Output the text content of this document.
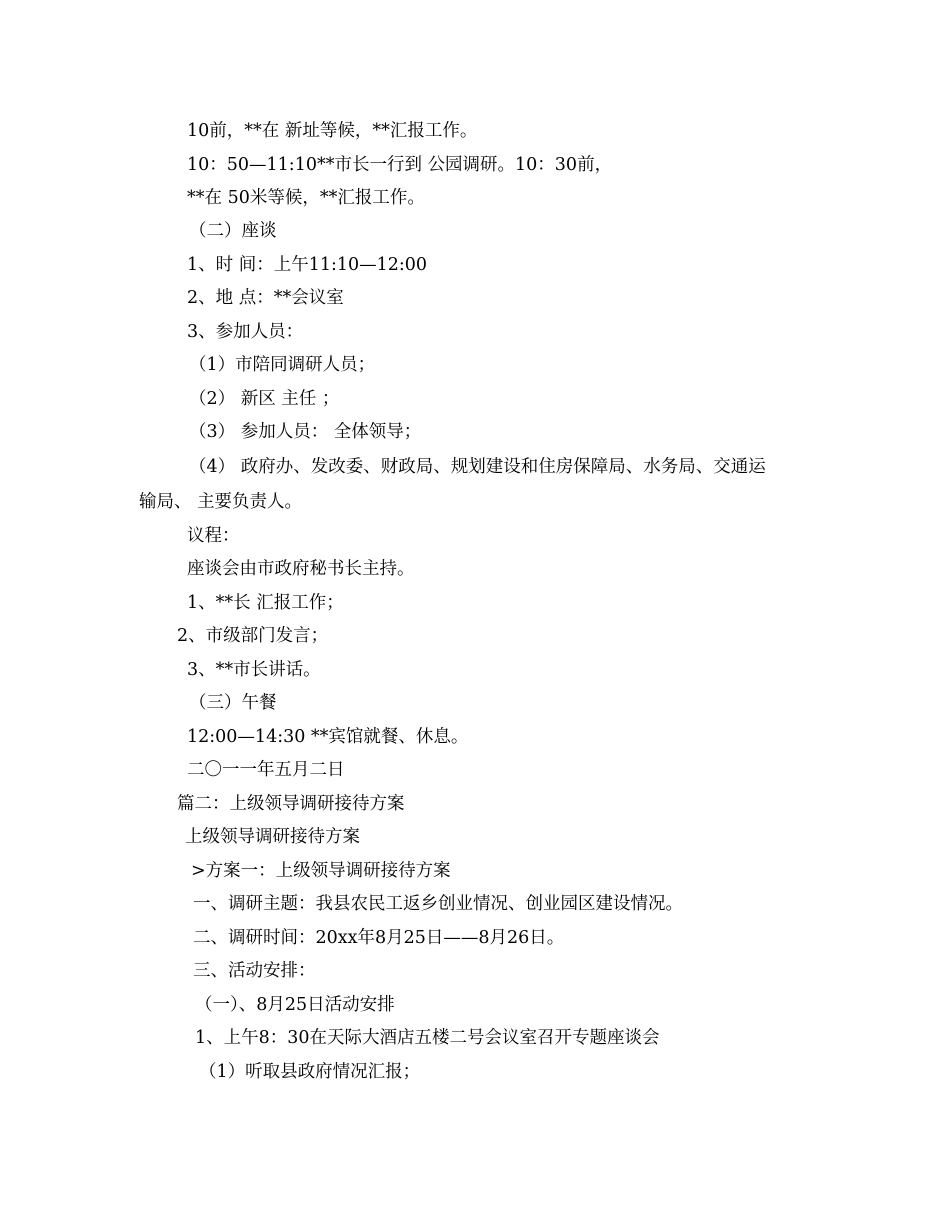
10前，**在 新址等候，**汇报工作。

10：50—11:10**市长一行到 公园调研。10：30前，

**在 50米等候，**汇报工作。

（二）座谈

1、时 间：上午11:10—12:00

2、地 点：**会议室

3、参加人员：

（1）市陪同调研人员；

（2） 新区 主任 ；

（3） 参加人员： 全体领导；

（4） 政府办、发改委、财政局、规划建设和住房保障局、水务局、交通运

输局、 主要负责人。

议程：

座谈会由市政府秘书长主持。

1、**长 汇报工作；

2、市级部门发言；

3、**市长讲话。

（三）午餐

12:00—14:30 **宾馆就餐、休息。

二〇一一年五月二日

篇二：上级领导调研接待方案

上级领导调研接待方案

>方案一：上级领导调研接待方案

一、调研主题：我县农民工返乡创业情况、创业园区建设情况。

二、调研时间：20xx年8月25日——8月26日。

三、活动安排：

（一）、8月25日活动安排

1、上午8：30在天际大酒店五楼二号会议室召开专题座谈会

（1）听取县政府情况汇报；
